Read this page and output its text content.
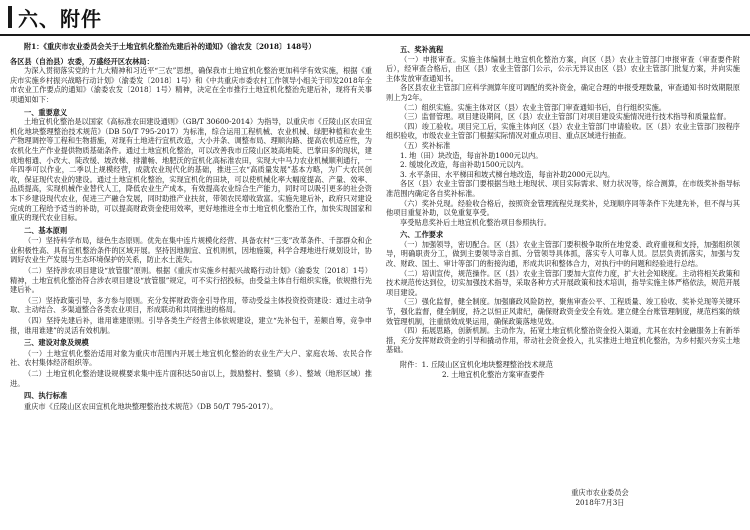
六、附件

附1：《重庆市农业委员会关于土地宜机化整治先建后补的通知》（渝农发〔2018〕148号）

各区县（自治县）农委，万盛经开区农林局：

为深入贯彻落实党的十九大精神和习近平“三农”思想，确保我市土地宜机化整治更加科学有效实施，根据《重庆市实施乡村振兴战略行动计划》（渝委发〔2018〕1号）和《中共重庆市委农村工作领导小组关于印发2018年全市农业工作要点的通知》（渝委农发〔2018〕1号）精神，决定在全市推行土地宜机化整治先建后补，现将有关事项通知如下：

一、重要意义

土地宜机化整治是以国家《高标准农田建设通则》（GB/T 30600-2014）为指导，以重庆市《丘陵山区农田宜机化地块整理整治技术规范》（DB 50/T 795-2017）为标准，综合运用工程机械、农业机械、绿肥种植和农业生产物理调控等工程和生物措施，对现有土地进行宜机改造，大小并条、调整布局、理顺沟路、提高农机适应性，为农机化生产作业提供物质基础条件。通过土地宜机化整治，可以改善我市丘陵山区坡高地陡、巴掌田多的现状，建成地相通、小改大、陡改缓、坡改梯、排灌畅、地肥沃的宜机化高标准农田，实现大中马力农业机械顺利通行，一年四季可以作业，二季以上规模经营，成就农业现代化的基础，推进三农“高质量发展”基本方略，为广大农民创收，保证现代农业的建设。通过土地宜机化整治，实现宜机化的田块，可以使机械化率大幅度提高、产量、效率、品质提高，实现机械作业替代人工，降低农业生产成本，有效提高农业综合生产能力，同时可以吸引更多的社会资本下乡建设现代农业，促进三产融合发展，同时助推产业扶贫，带领农民增收致富。实施先建后补，政府只对建设完成的工程给予适当的补助，可以提高财政资金使用效率，更好地推进全市土地宜机化整治工作，加快实现国家和重庆的现代农业目标。

二、基本原则

（一）坚持科学布局，绿色生态原则。优先在集中连片规模化经营、具备农村“三变”改革条件、千部群众和企业积极性高、具有宜机整治条件的区域开展。坚持因地制宜、宜机则机，因地施策，科学合理地进行规划设计，协调好农业生产发展与生态环境保护的关系，防止水土流失。

（二）坚持涉农项目建设“放管服”原则。根据《重庆市实施乡村振兴战略行动计划》（渝委发〔2018〕1号）精神，土地宜机化整治符合涉农项目建设“放管服”规定，可不实行招投标，由受益主体自行组织实施，依规推行先建后补。

（三）坚持政策引导，多方参与原则。充分发挥财政资金引导作用，带动受益主体投资投资建设：通过主动争取、主动结合、多渠道整合各类农业项目，形成联动和共同推进的格局。

（四）坚持先建后补，谁用谁建原则。引导各类生产经营主体依规建设，建立“先补包干，差额自筹，竞争申报，谁用谁建”的灵活有效机制。

三、建设对象及规模

（一）土地宜机化整治适用对象为重庆市范围内开展土地宜机化整治的农业生产大户、家庭农场、农民合作社、农村集体经济组织等。

（二）土地宜机化整治建设规模要求集中连片面积达50亩以上，鼓励整村、整镇（乡）、整域（地形区域）推进。

四、执行标准

重庆市《丘陵山区农田宜机化地块整理整治技术规范》（DB 50/T 795-2017）。

五、奖补流程

（一）申报审查。实施主体编制土地宜机化整治方案，向区（县）农业主管部门申报审查（审查要件附后），经审查合格后，由区（县）农业主管部门公示，公示无异议由区（县）农业主管部门批复方案，并向实施主体发放审查通知书。

各区县农业主管部门应科学测算年度可调配的奖补资金，确定合理的申报受理数量，审查通知书时效期限原则上为2年。

（二）组织实施。实施主体对区（县）农业主管部门审查通知书后，自行组织实施。

（三）监督管理。项目建设期间，区（县）农业主管部门对项目建设实施情况进行技术指导和质量监督。

（四）竣工验收。项目完工后，实施主体向区（县）农业主管部门申请验收。区（县）农业主管部门按程序组织验收，市级农业主管部门根据实际情况对重点项目、重点区域进行抽查。

（五）奖补标准

1. 地（田）块改造，每亩补助1000元以内。

2. 缓坡化改造，每亩补助1500元以内。

3. 水平条田、水平梯田和坡式梯台地改造，每亩补助2000元以内。

各区（县）农业主管部门要根据当地土地现状、项目实际需求、财力状况等，综合测算，在市级奖补指导标准范围内确定各自奖补标准。

（六）奖补兑现。经验收合格后，按照资金管理流程兑现奖补，兑现顺序同等条件下先建先补，但不得与其他项目重复补助，以免重复享受。

享受贴息奖补后土地宜机化整治项目参照执行。

六、工作要求

（一）加强领导，密切配合。区（县）农业主管部门要积极争取所在地党委、政府重视和支持，加强组织领导，明确职责分工，做到主要领导亲自抓、分管领导具体抓，落实专人可靠人员。层层负责抓落实，加强与发改、财政、国土、审计等部门的衔接沟通，形成共识和整体合力，对执行中的问题和经验进行总结。

（二）培训宣传，规范操作。区（县）农业主管部门要加大宣传力度，扩大社会知晓度。主动将相关政策和技术规范传达到位，切实加强技术指导，采取各种方式开展政策和技术培训，指导实施主体严格依法，规范开展项目建设。

（三）强化监督，健全制度。加强廉政风险防控，聚焦审查公平、工程质量、竣工验收、奖补兑现等关键环节，强化监督，健全制度，持之以恒正风肃纪，确保财政资金安全有效。建立健全台账管理制度，规范档案的绩效管理机制，注重绩效成果运用，确保政策落地见效。

（四）拓展思路，创新机制。主动作为，拓宽土地宜机化整治资金投入渠道，尤其在农村金融服务上有新举措，充分发挥财政资金的引导和撬动作用，带动社会资金投入，扎实推进土地宜机化整治，为乡村振兴夯实土地基础。

附件：1. 丘陵山区宜机化地块整理整治技术规范

2. 土地宜机化整治方案审查要件

重庆市农业委员会

2018年7月3日
